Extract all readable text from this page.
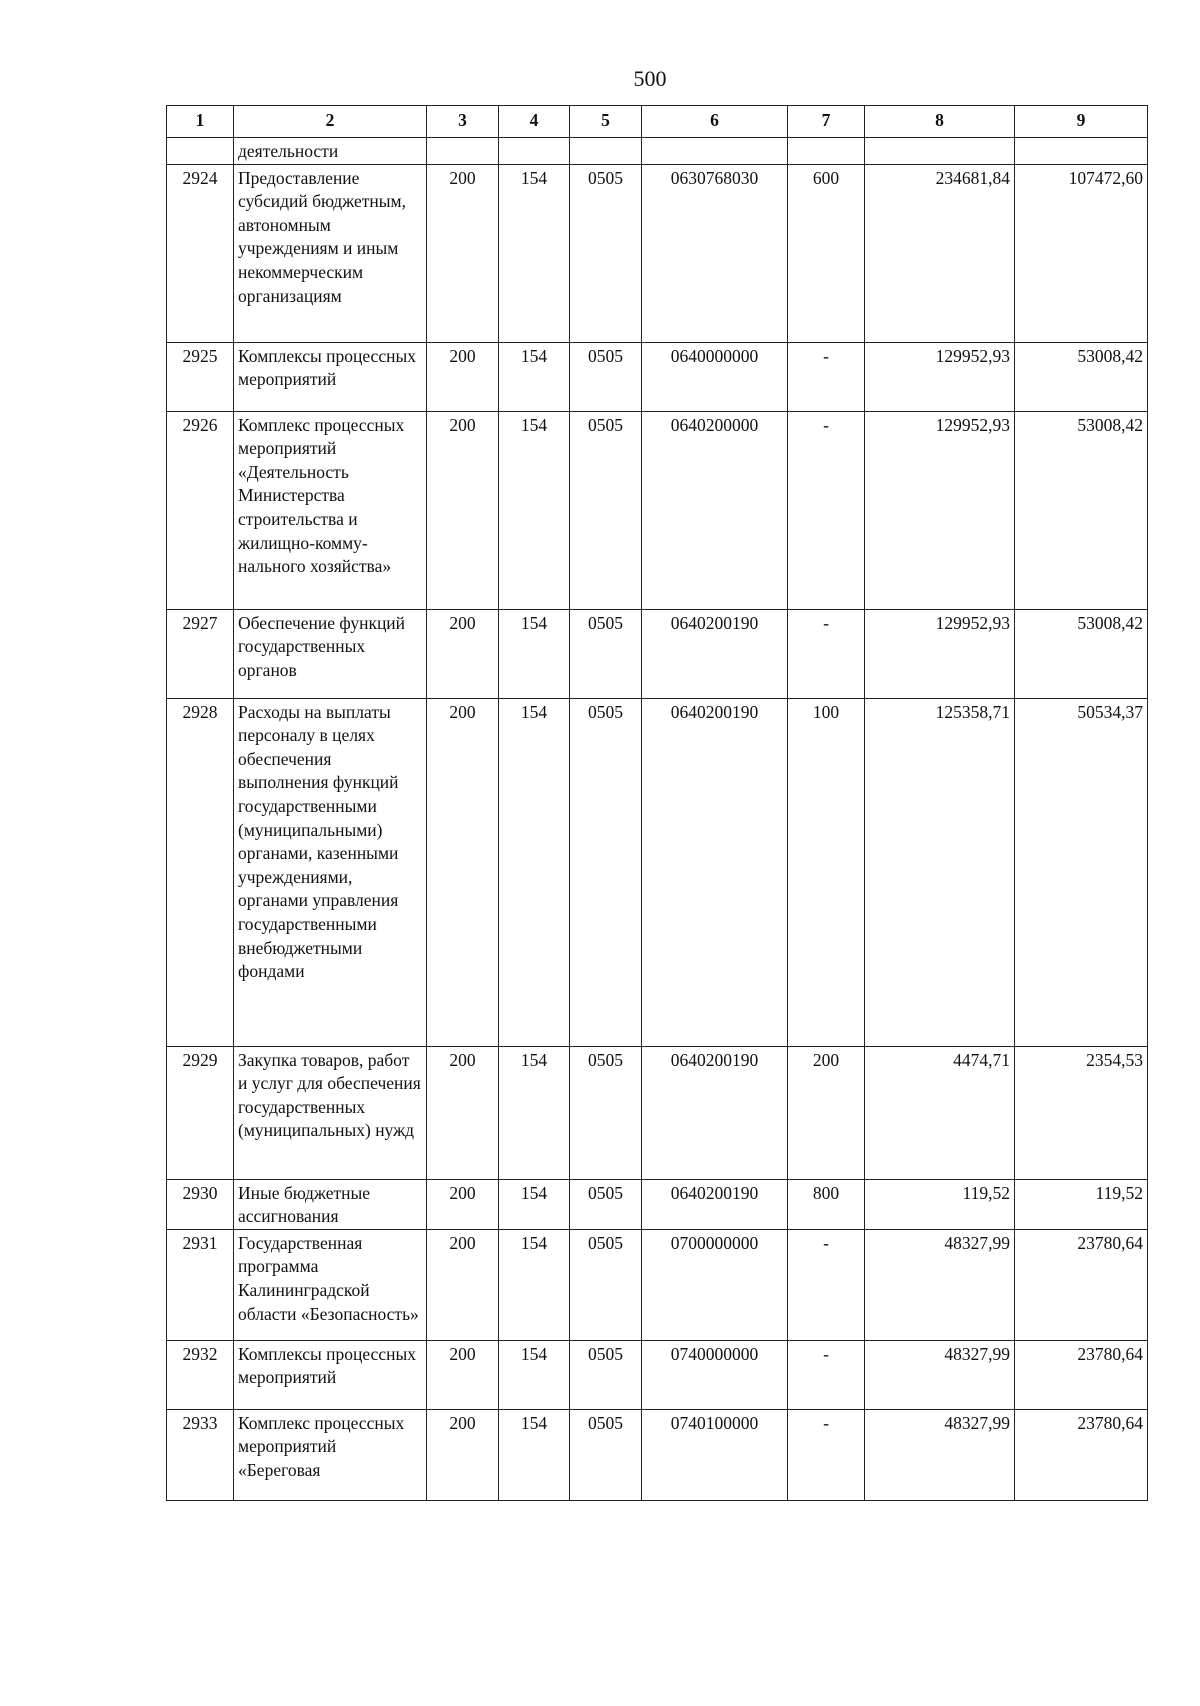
500
1	2	3	4	5	6	7	8	9
	деятельности							
2924	Предоставление субсидий бюджетным, автономным учреждениям и иным некоммерческим организациям	200	154	0505	0630768030	600	234681,84	107472,60
2925	Комплексы процессных мероприятий	200	154	0505	0640000000	-	129952,93	53008,42
2926	Комплекс процессных мероприятий «Деятельность Министерства строительства и жилищно-комму-нального хозяйства»	200	154	0505	0640200000	-	129952,93	53008,42
2927	Обеспечение функций государственных органов	200	154	0505	0640200190	-	129952,93	53008,42
2928	Расходы на выплаты персоналу в целях обеспечения выполнения функций государственными (муниципальными) органами, казенными учреждениями, органами управления государственными внебюджетными фондами	200	154	0505	0640200190	100	125358,71	50534,37
2929	Закупка товаров, работ и услуг для обеспечения государственных (муниципальных) нужд	200	154	0505	0640200190	200	4474,71	2354,53
2930	Иные бюджетные ассигнования	200	154	0505	0640200190	800	119,52	119,52
2931	Государственная программа Калининградской области «Безопасность»	200	154	0505	0700000000	-	48327,99	23780,64
2932	Комплексы процессных мероприятий	200	154	0505	0740000000	-	48327,99	23780,64
2933	Комплекс процессных мероприятий «Береговая	200	154	0505	0740100000	-	48327,99	23780,64
